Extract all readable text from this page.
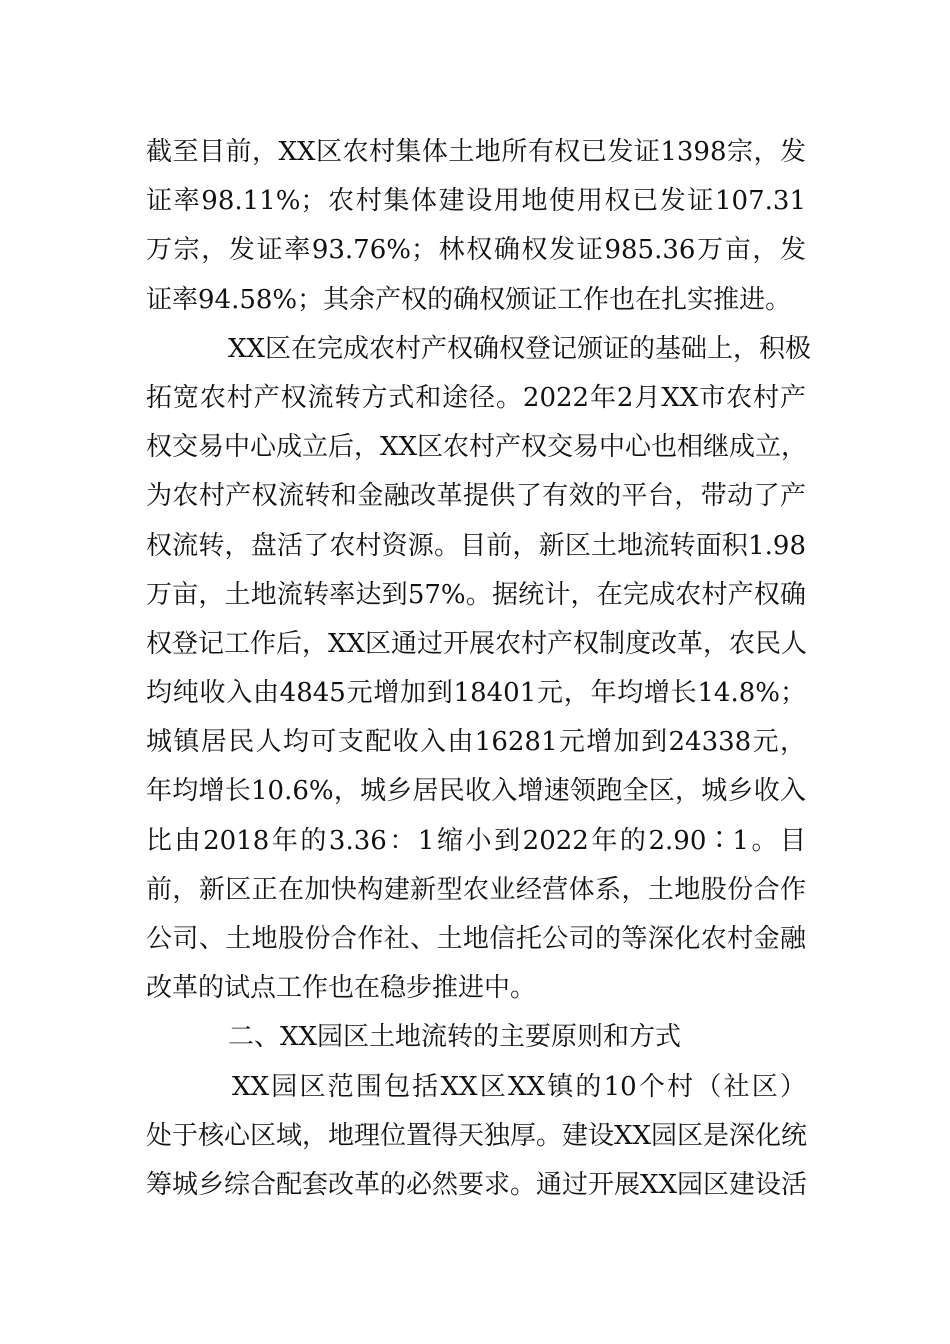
截至目前，XX区农村集体土地所有权已发证1398宗，发
证率98.11%；农村集体建设用地使用权已发证107.31
万宗，发证率93.76%；林权确权发证985.36万亩，发
证率94.58%；其余产权的确权颁证工作也在扎实推进。
XX区在完成农村产权确权登记颁证的基础上，积极
拓宽农村产权流转方式和途径。2022年2月XX市农村产
权交易中心成立后，XX区农村产权交易中心也相继成立，
为农村产权流转和金融改革提供了有效的平台，带动了产
权流转，盘活了农村资源。目前，新区土地流转面积1.98
万亩，土地流转率达到57%。据统计，在完成农村产权确
权登记工作后，XX区通过开展农村产权制度改革，农民人
均纯收入由4845元增加到18401元，年均增长14.8%；
城镇居民人均可支配收入由16281元增加到24338元，
年均增长10.6%，城乡居民收入增速领跑全区，城乡收入
比由2018年的3.36：1缩小到2022年的2.90∶1。目
前，新区正在加快构建新型农业经营体系，土地股份合作
公司、土地股份合作社、土地信托公司的等深化农村金融
改革的试点工作也在稳步推进中。
二、XX园区土地流转的主要原则和方式
XX园区范围包括XX区XX镇的10个村（社区）
处于核心区域，地理位置得天独厚。建设XX园区是深化统
筹城乡综合配套改革的必然要求。通过开展XX园区建设活
